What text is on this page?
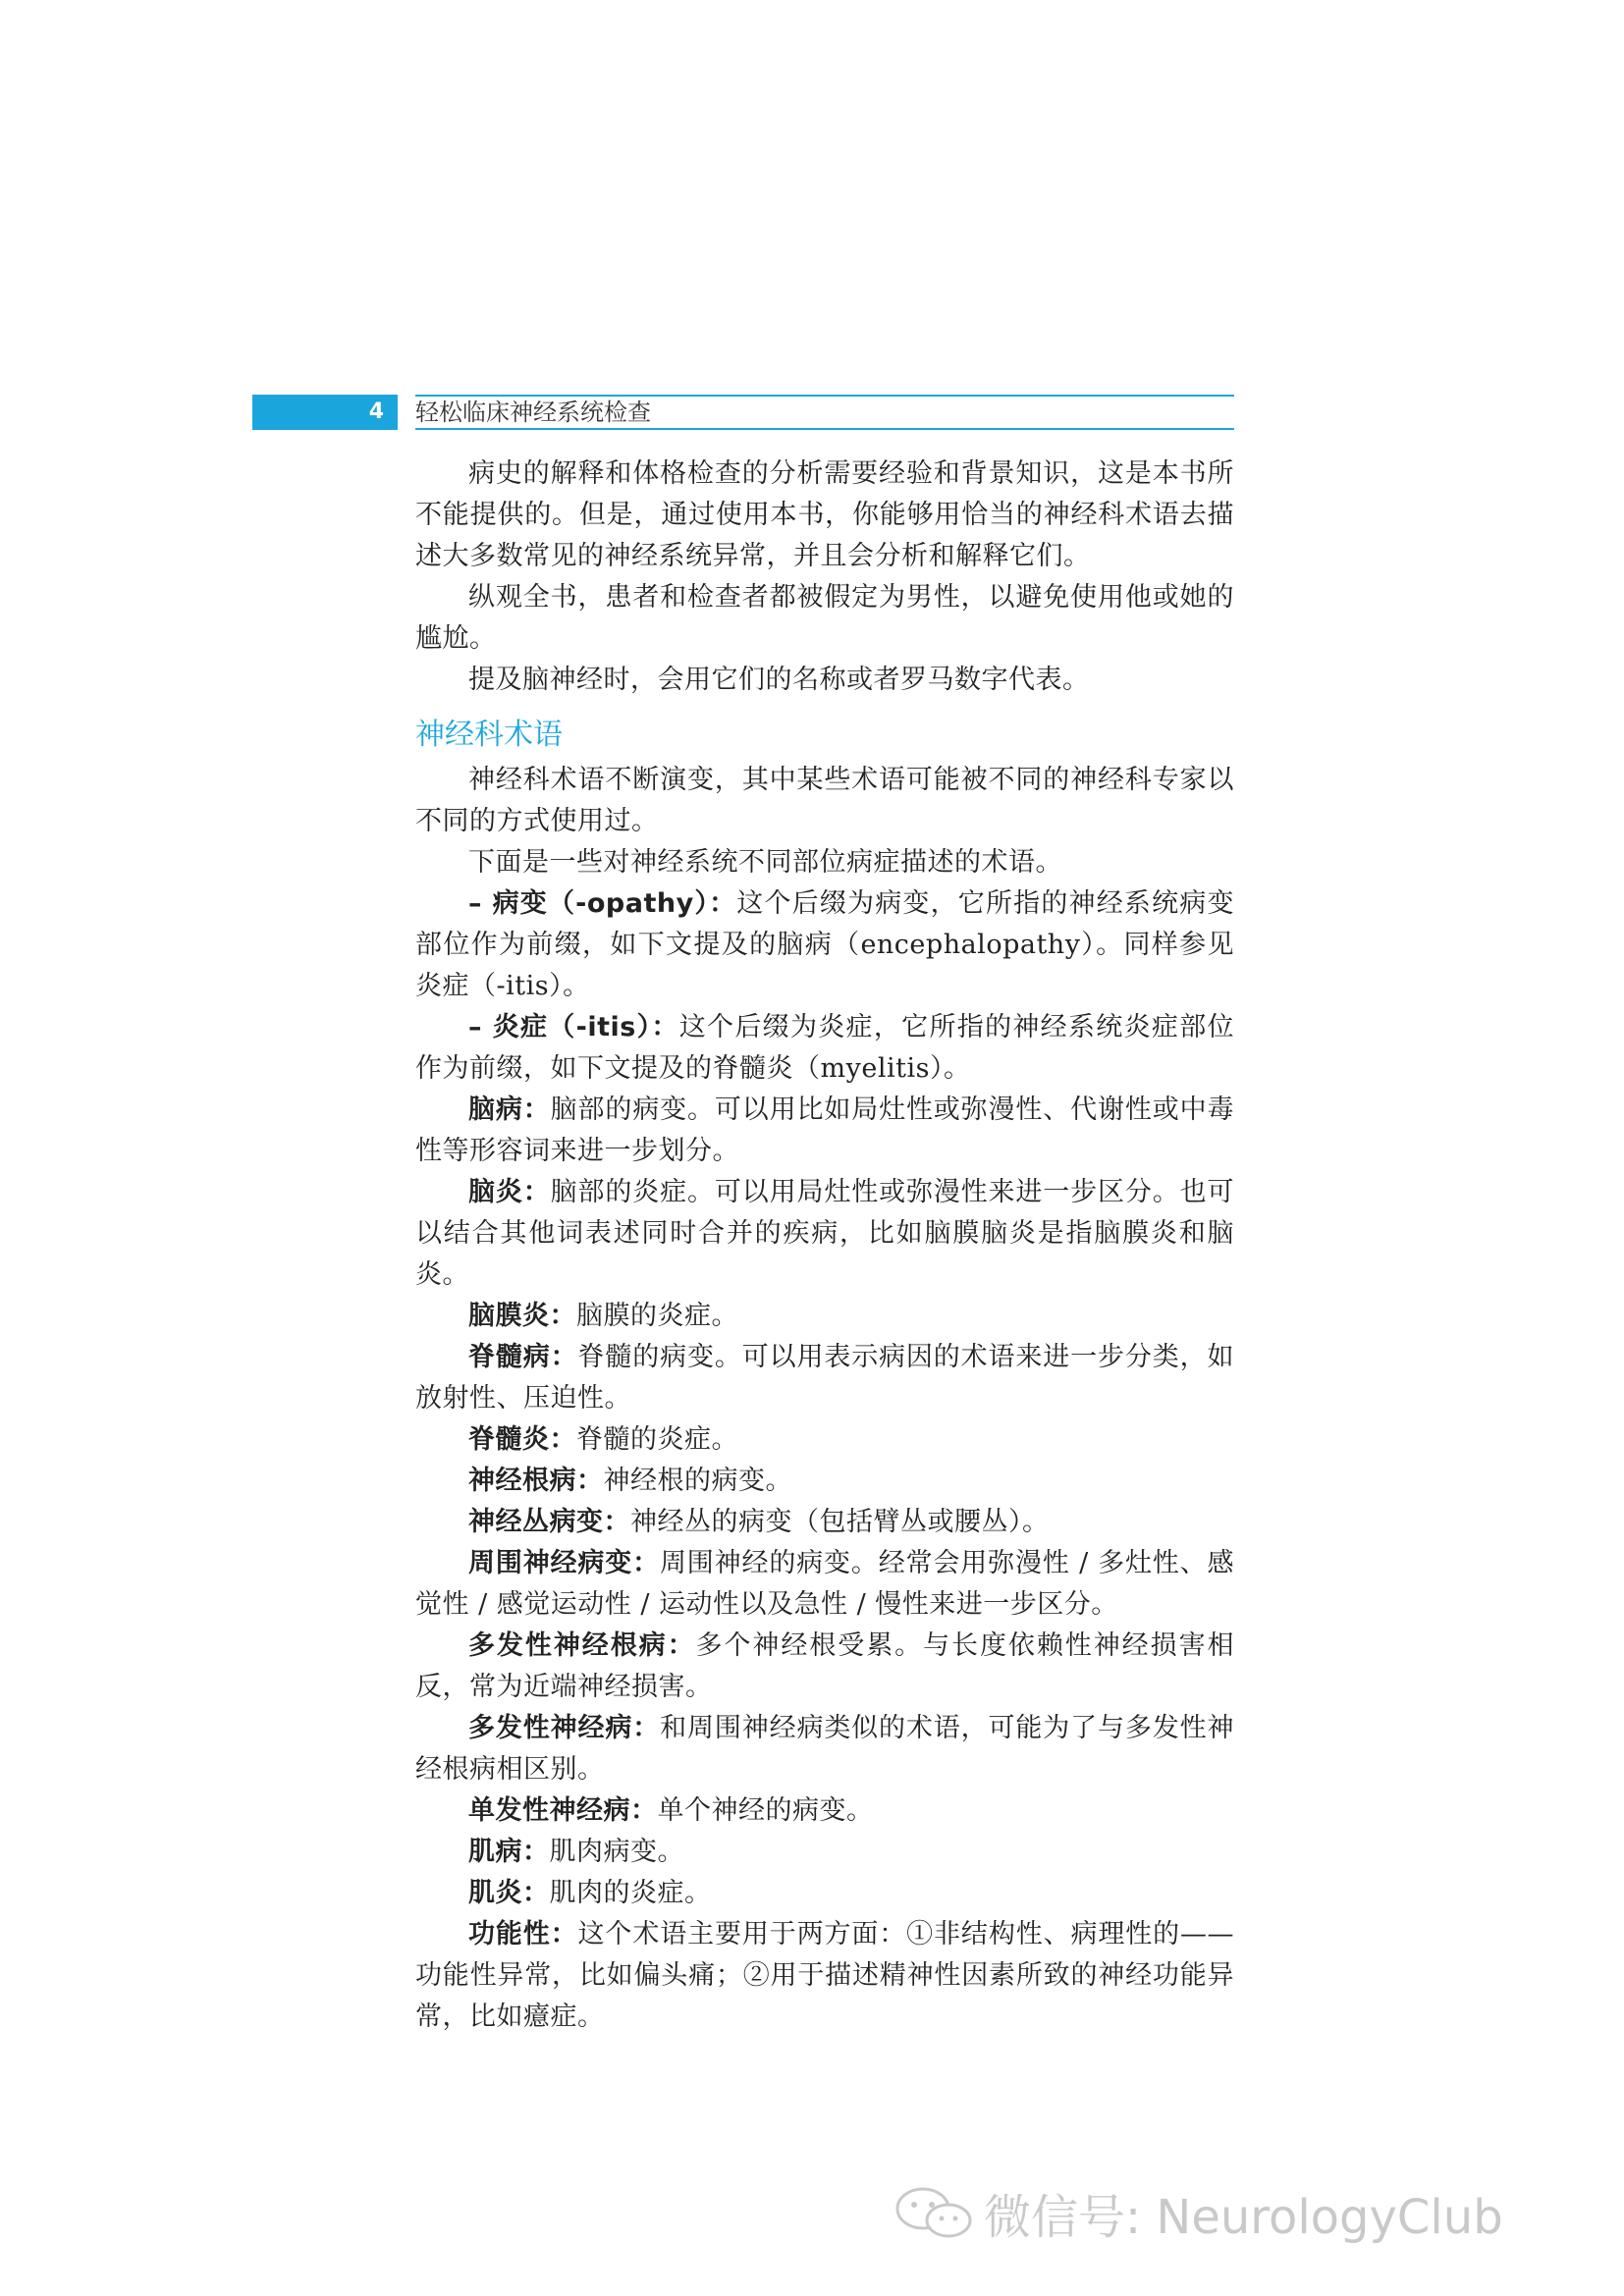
4	轻松临床神经系统检查

病史的解释和体格检查的分析需要经验和背景知识，这是本书所不能提供的。但是，通过使用本书，你能够用恰当的神经科术语去描述大多数常见的神经系统异常，并且会分析和解释它们。

纵观全书，患者和检查者都被假定为男性，以避免使用他或她的尴尬。

提及脑神经时，会用它们的名称或者罗马数字代表。

神经科术语

神经科术语不断演变，其中某些术语可能被不同的神经科专家以不同的方式使用过。

下面是一些对神经系统不同部位病症描述的术语。

– 病变（-opathy）：这个后缀为病变，它所指的神经系统病变部位作为前缀，如下文提及的脑病（encephalopathy）。同样参见炎症（-itis）。

– 炎症（-itis）：这个后缀为炎症，它所指的神经系统炎症部位作为前缀，如下文提及的脊髓炎（myelitis）。

脑病：脑部的病变。可以用比如局灶性或弥漫性、代谢性或中毒性等形容词来进一步划分。

脑炎：脑部的炎症。可以用局灶性或弥漫性来进一步区分。也可以结合其他词表述同时合并的疾病，比如脑膜脑炎是指脑膜炎和脑炎。

脑膜炎：脑膜的炎症。

脊髓病：脊髓的病变。可以用表示病因的术语来进一步分类，如放射性、压迫性。

脊髓炎：脊髓的炎症。

神经根病：神经根的病变。

神经丛病变：神经丛的病变（包括臂丛或腰丛）。

周围神经病变：周围神经的病变。经常会用弥漫性 / 多灶性、感觉性 / 感觉运动性 / 运动性以及急性 / 慢性来进一步区分。

多发性神经根病：多个神经根受累。与长度依赖性神经损害相反，常为近端神经损害。

多发性神经病：和周围神经病类似的术语，可能为了与多发性神经根病相区别。

单发性神经病：单个神经的病变。

肌病：肌肉病变。

肌炎：肌肉的炎症。

功能性：这个术语主要用于两方面：①非结构性、病理性的——功能性异常，比如偏头痛；②用于描述精神性因素所致的神经功能异常，比如癔症。

微信号: NeurologyClub
